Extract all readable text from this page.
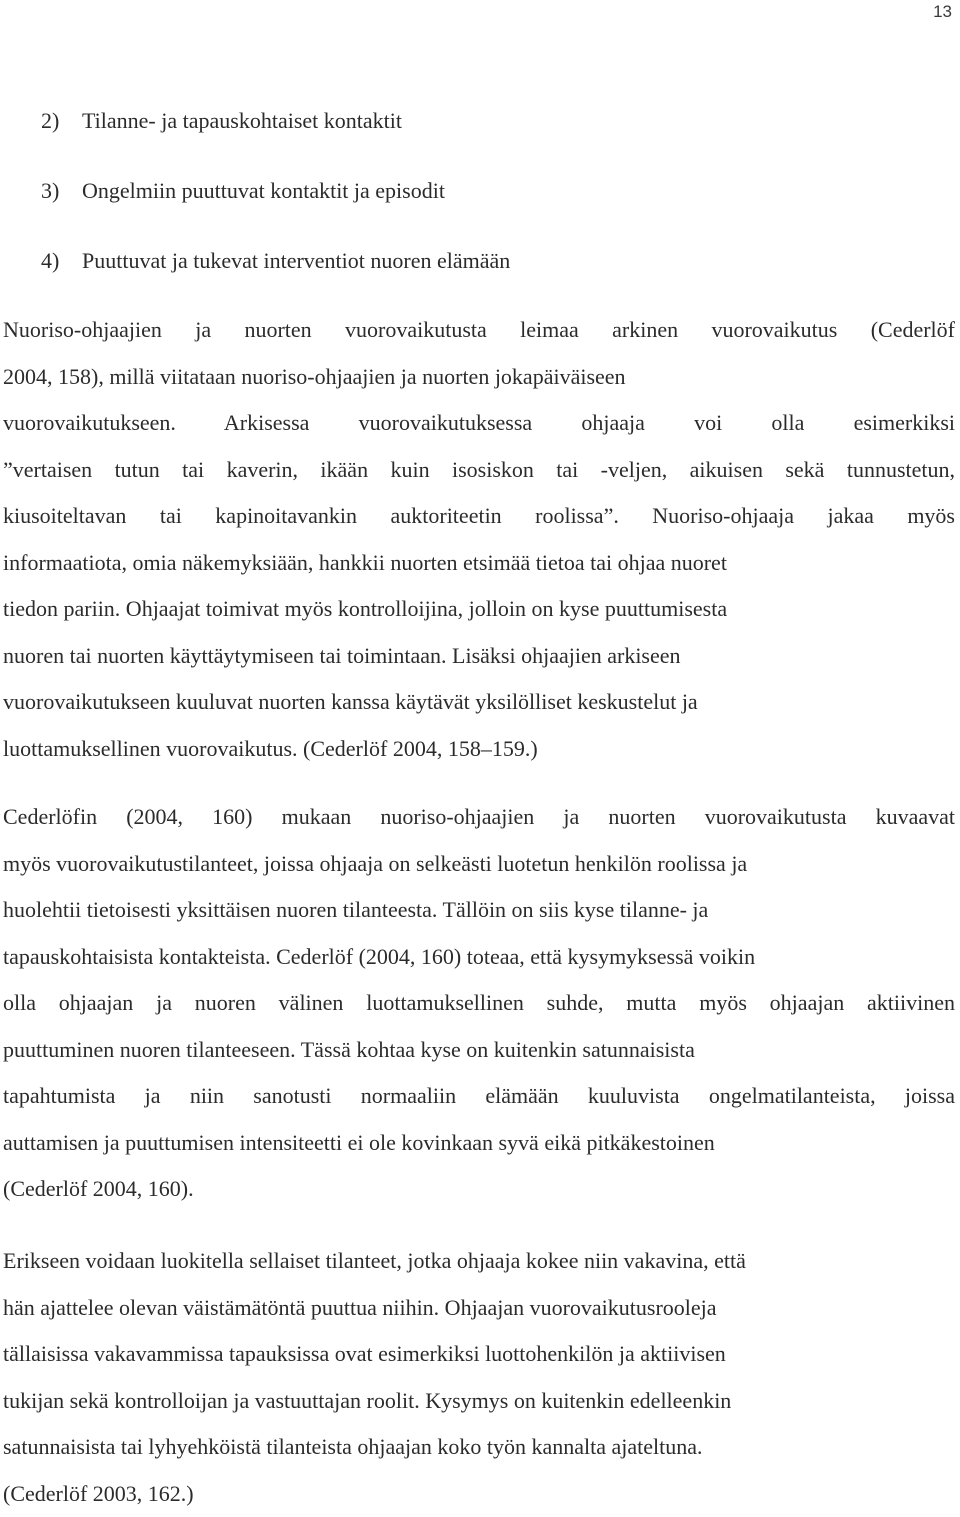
13
2) Tilanne- ja tapauskohtaiset kontaktit
3) Ongelmiin puuttuvat kontaktit ja episodit
4) Puuttuvat ja tukevat interventiot nuoren elämään

Nuoriso-ohjaajien ja nuorten vuorovaikutusta leimaa arkinen vuorovaikutus (Cederlöf
2004, 158), millä viitataan nuoriso-ohjaajien ja nuorten jokapäiväiseen
vuorovaikutukseen. Arkisessa vuorovaikutuksessa ohjaaja voi olla esimerkiksi
”vertaisen tutun tai kaverin, ikään kuin isosiskon tai -veljen, aikuisen sekä tunnustetun,
kiusoiteltavan tai kapinoitavankin auktoriteetin roolissa”. Nuoriso-ohjaaja jakaa myös
informaatiota, omia näkemyksiään, hankkii nuorten etsimää tietoa tai ohjaa nuoret
tiedon pariin. Ohjaajat toimivat myös kontrolloijina, jolloin on kyse puuttumisesta
nuoren tai nuorten käyttäytymiseen tai toimintaan. Lisäksi ohjaajien arkiseen
vuorovaikutukseen kuuluvat nuorten kanssa käytävät yksilölliset keskustelut ja
luottamuksellinen vuorovaikutus. (Cederlöf 2004, 158–159.)

Cederlöfin (2004, 160) mukaan nuoriso-ohjaajien ja nuorten vuorovaikutusta kuvaavat
myös vuorovaikutustilanteet, joissa ohjaaja on selkeästi luotetun henkilön roolissa ja
huolehtii tietoisesti yksittäisen nuoren tilanteesta. Tällöin on siis kyse tilanne- ja
tapauskohtaisista kontakteista. Cederlöf (2004, 160) toteaa, että kysymyksessä voikin
olla ohjaajan ja nuoren välinen luottamuksellinen suhde, mutta myös ohjaajan aktiivinen
puuttuminen nuoren tilanteeseen. Tässä kohtaa kyse on kuitenkin satunnaisista
tapahtumista ja niin sanotusti normaaliin elämään kuuluvista ongelmatilanteista, joissa
auttamisen ja puuttumisen intensiteetti ei ole kovinkaan syvä eikä pitkäkestoinen
(Cederlöf 2004, 160).

Erikseen voidaan luokitella sellaiset tilanteet, jotka ohjaaja kokee niin vakavina, että
hän ajattelee olevan väistämätöntä puuttua niihin. Ohjaajan vuorovaikutusrooleja
tällaisissa vakavammissa tapauksissa ovat esimerkiksi luottohenkilön ja aktiivisen
tukijan sekä kontrolloijan ja vastuuttajan roolit. Kysymys on kuitenkin edelleenkin
satunnaisista tai lyhyehköistä tilanteista ohjaajan koko työn kannalta ajateltuna.
(Cederlöf 2003, 162.)
